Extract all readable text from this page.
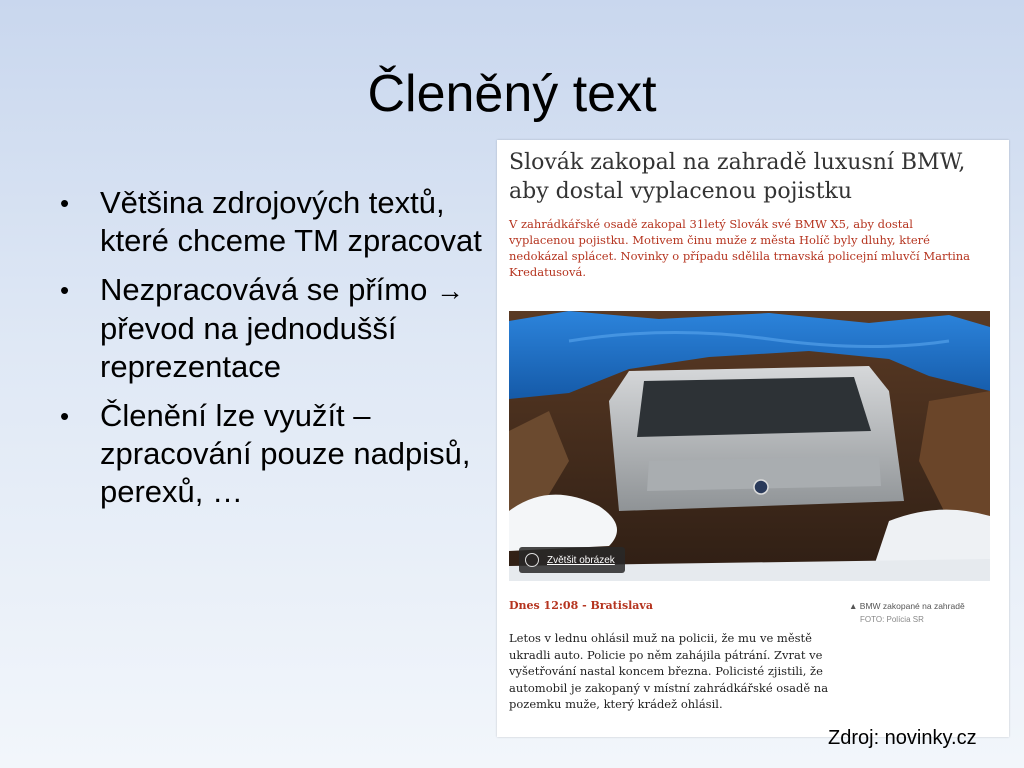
Členěný text
• Většina zdrojových textů, které chceme TM zpracovat
• Nezpracovává se přímo → převod na jednodušší reprezentace
• Členění lze využít – zpracování pouze nadpisů, perexů, …
Slovák zakopal na zahradě luxusní BMW, aby dostal vyplacenou pojistku
V zahrádkářské osadě zakopal 31letý Slovák své BMW X5, aby dostal vyplacenou pojistku. Motivem činu muže z města Holíč byly dluhy, které nedokázal splácet. Novinky o případu sdělila trnavská policejní mluvčí Martina Kredatusová.
Zvětšit obrázek
Dnes 12:08 - Bratislava	▲ BMW zakopané na zahradě
FOTO: Polícia SR
Letos v lednu ohlásil muž na policii, že mu ve městě ukradli auto. Policie po něm zahájila pátrání. Zvrat ve vyšetřování nastal koncem března. Policisté zjistili, že automobil je zakopaný v místní zahrádkářské osadě na pozemku muže, který krádež ohlásil.
Zdroj: novinky.cz
